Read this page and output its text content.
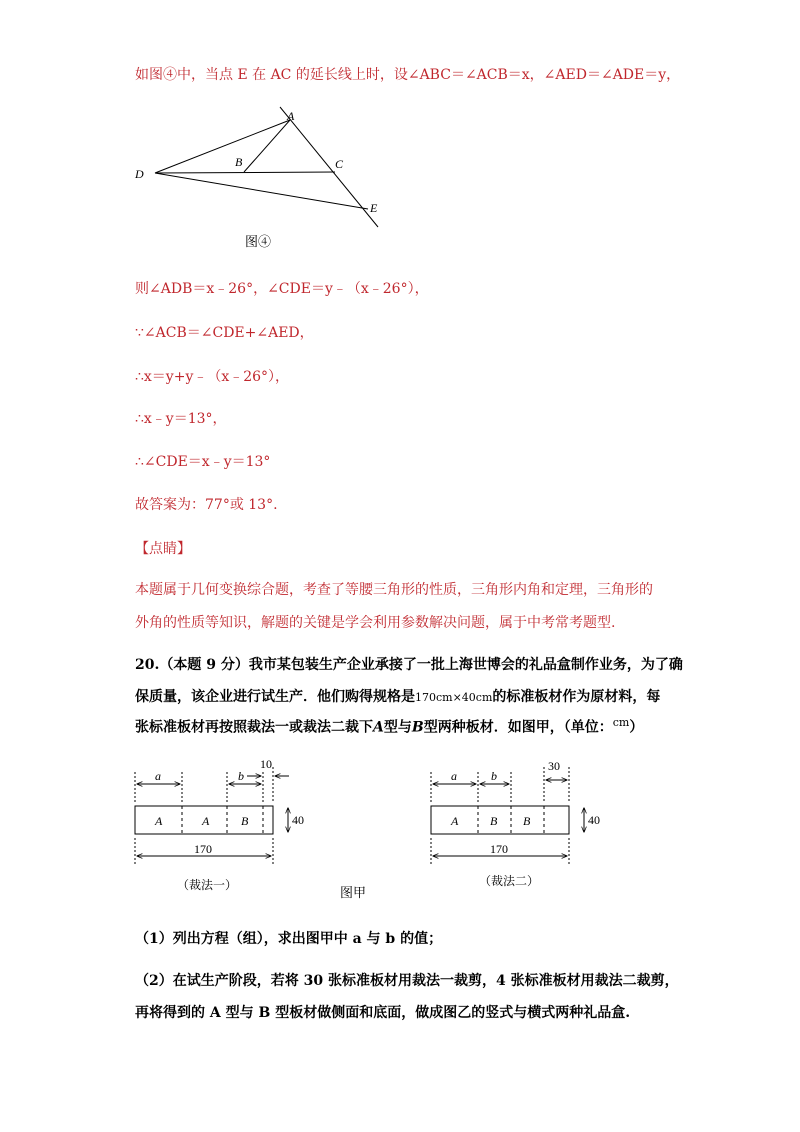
如图④中，当点 E 在 AC 的延长线上时，设∠ABC＝∠ACB＝x，∠AED＝∠ADE＝y，
A
B	C
D
E
图④
则∠ADB＝x﹣26°，∠CDE＝y﹣（x﹣26°），
∵∠ACB＝∠CDE+∠AED，
∴x＝y+y﹣（x﹣26°），
∴x﹣y＝13°，
∴∠CDE＝x﹣y＝13°
故答案为：77°或 13°.
【点睛】
本题属于几何变换综合题，考查了等腰三角形的性质，三角形内角和定理，三角形的
外角的性质等知识，解题的关键是学会利用参数解决问题，属于中考常考题型.
20.（本题 9 分）我市某包装生产企业承接了一批上海世博会的礼品盒制作业务，为了确
保质量，该企业进行试生产．他们购得规格是170cm×40cm的标准板材作为原材料，每
张标准板材再按照裁法一或裁法二裁下A型与B型两种板材．如图甲，（单位：$^{cm}$）
a	b
10
40
170
A	A	B
（裁法一）
a	b
30
40
170
A	B B
（裁法二）
图甲
（1）列出方程（组），求出图甲中 a 与 b 的值；
（2）在试生产阶段，若将 30 张标准板材用裁法一裁剪，4 张标准板材用裁法二裁剪，
再将得到的 A 型与 B 型板材做侧面和底面，做成图乙的竖式与横式两种礼品盒.
